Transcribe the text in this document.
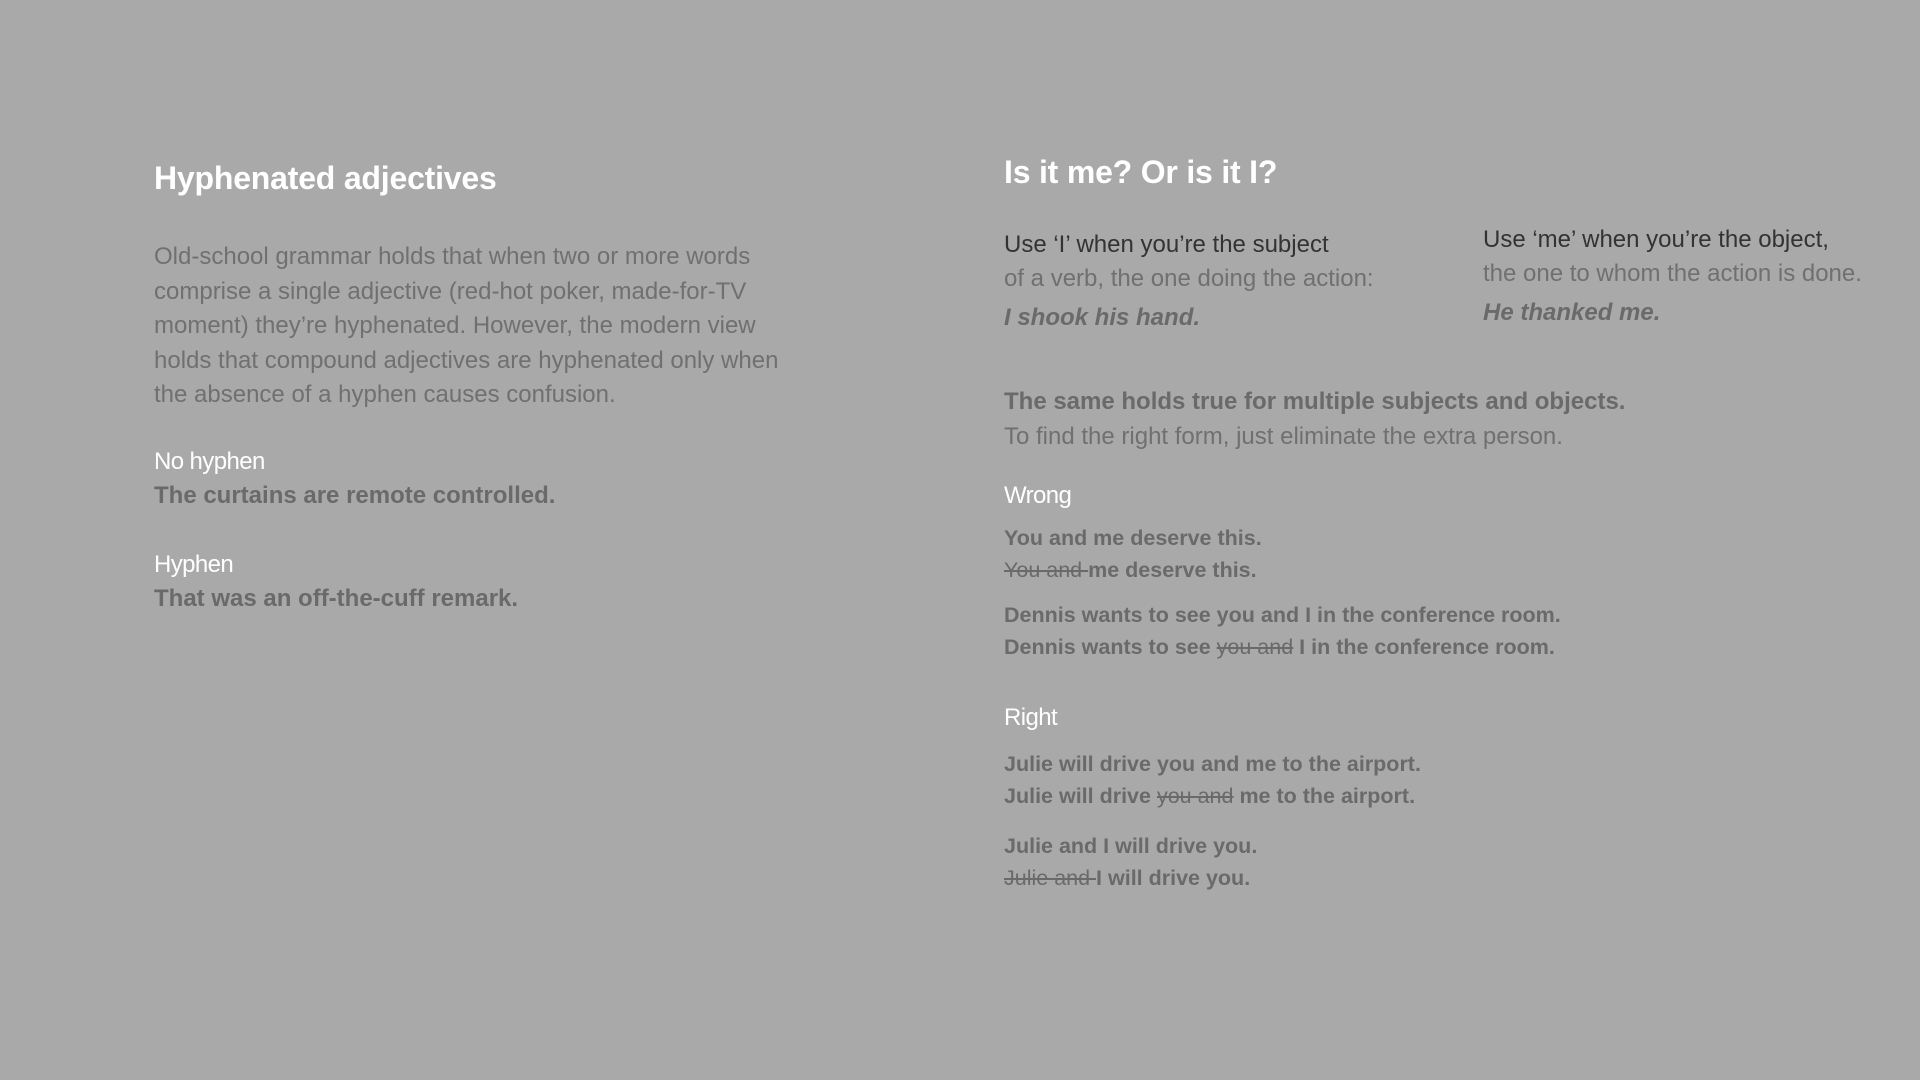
Hyphenated adjectives

Old-school grammar holds that when two or more words comprise a single adjective (red-hot poker, made-for-TV moment) they’re hyphenated. However, the modern view holds that compound adjectives are hyphenated only when the absence of a hyphen causes confusion.

No hyphen

The curtains are remote controlled.

Hyphen

That was an off-the-cuff remark.

Is it me? Or is it I?

Use ‘I’ when you’re the subject

of a verb, the one doing the action:

I shook his hand.

Use ‘me’ when you’re the object,

the one to whom the action is done.

He thanked me.

The same holds true for multiple subjects and objects.

To find the right form, just eliminate the extra person.

Wrong

You and me deserve this.

You and me deserve this.

Dennis wants to see you and I in the conference room.

Dennis wants to see you and I in the conference room.

Right

Julie will drive you and me to the airport.

Julie will drive you and me to the airport.

Julie and I will drive you.

Julie and I will drive you.
